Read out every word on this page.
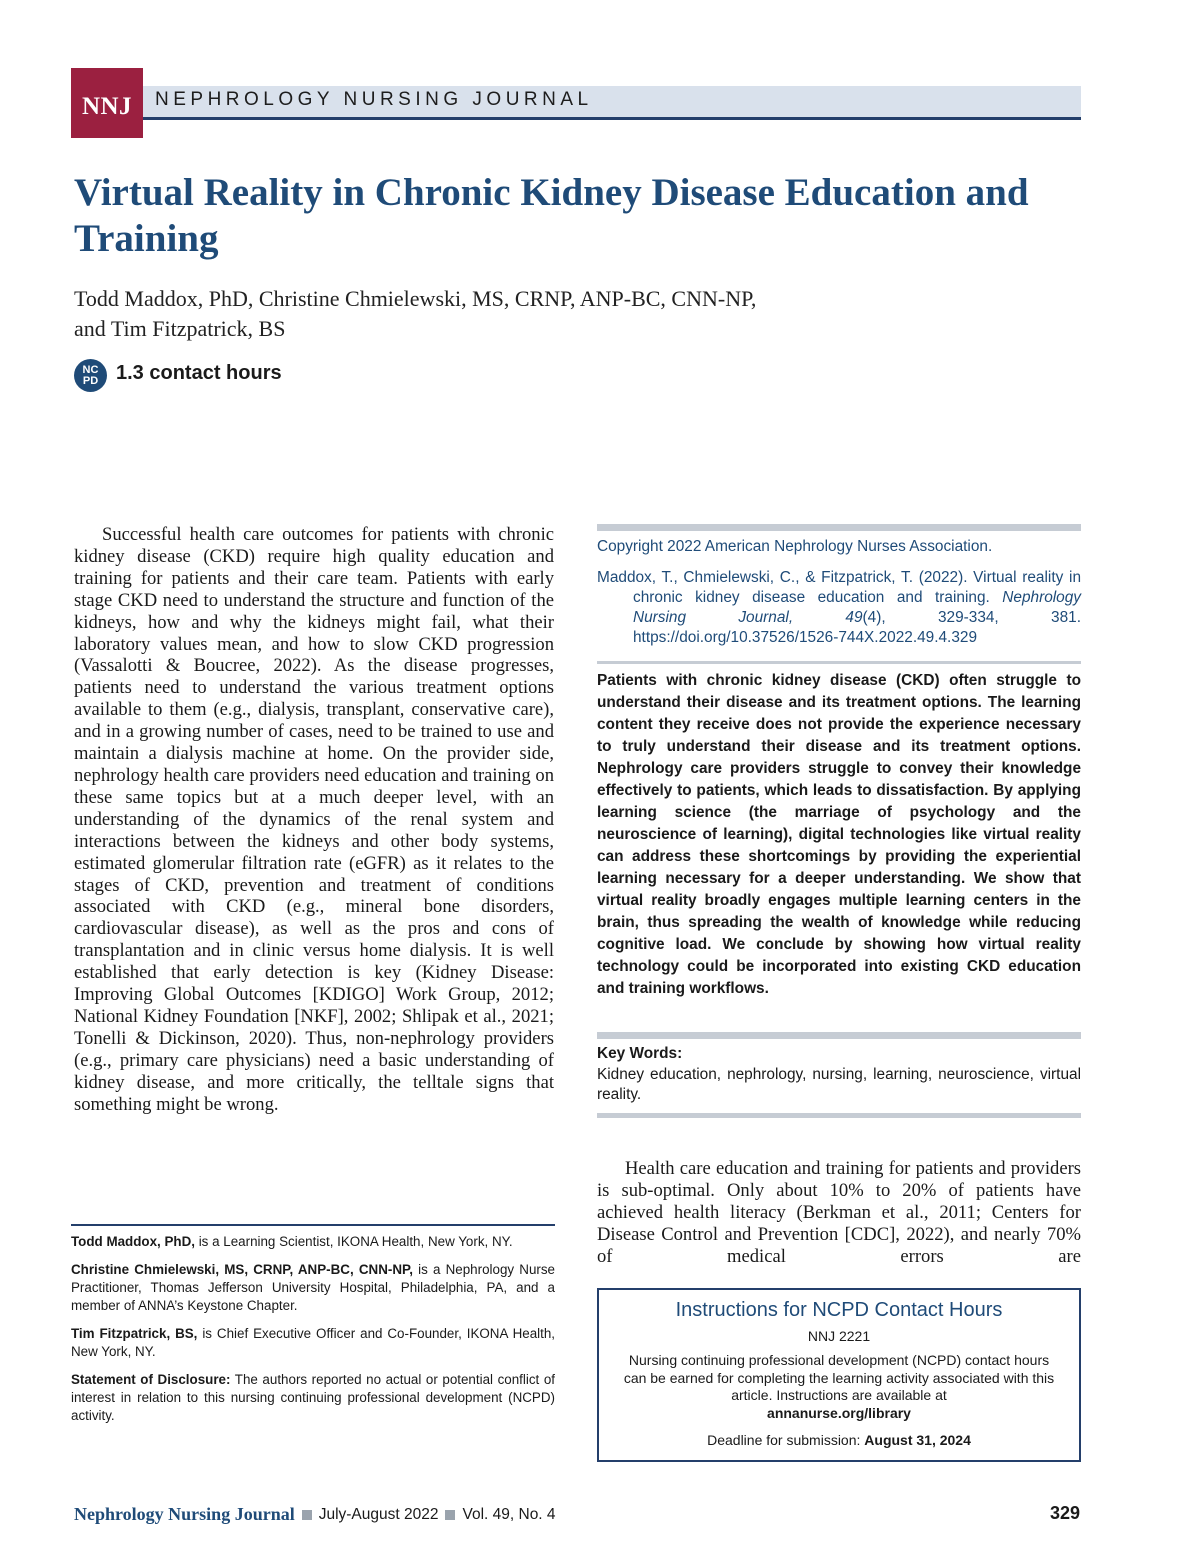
NNJ	NEPHROLOGY NURSING JOURNAL
Virtual Reality in Chronic Kidney Disease Education and Training
Todd Maddox, PhD, Christine Chmielewski, MS, CRNP, ANP-BC, CNN-NP,
and Tim Fitzpatrick, BS
NC
PD 1.3 contact hours

Successful health care outcomes for patients with chronic kidney disease (CKD) require high quality education and training for patients and their care team. Patients with early stage CKD need to understand the structure and function of the kidneys, how and why the kidneys might fail, what their laboratory values mean, and how to slow CKD progression (Vassalotti & Boucree, 2022). As the disease progresses, patients need to understand the various treatment options available to them (e.g., dialysis, transplant, conservative care), and in a growing number of cases, need to be trained to use and maintain a dialysis machine at home. On the provider side, nephrology health care providers need education and training on these same topics but at a much deeper level, with an understanding of the dynamics of the renal system and interactions between the kidneys and other body systems, estimated glomerular filtration rate (eGFR) as it relates to the stages of CKD, prevention and treatment of conditions associated with CKD (e.g., mineral bone disorders, cardiovascular disease), as well as the pros and cons of transplantation and in clinic versus home dialysis. It is well established that early detection is key (Kidney Disease: Improving Global Outcomes [KDIGO] Work Group, 2012; National Kidney Foundation [NKF], 2002; Shlipak et al., 2021; Tonelli & Dickinson, 2020). Thus, non-nephrology providers (e.g., primary care physicians) need a basic understanding of kidney disease, and more critically, the telltale signs that something might be wrong.

Todd Maddox, PhD, is a Learning Scientist, IKONA Health, New York, NY.

Christine Chmielewski, MS, CRNP, ANP-BC, CNN-NP, is a Nephrology Nurse Practitioner, Thomas Jefferson University Hospital, Philadelphia, PA, and a member of ANNA’s Keystone Chapter.

Tim Fitzpatrick, BS, is Chief Executive Officer and Co-Founder, IKONA Health, New York, NY.

Statement of Disclosure: The authors reported no actual or potential conflict of interest in relation to this nursing continuing professional development (NCPD) activity.

Copyright 2022 American Nephrology Nurses Association.
Maddox, T., Chmielewski, C., & Fitzpatrick, T. (2022). Virtual reality in chronic kidney disease education and training. Nephrology Nursing Journal, 49(4), 329-334, 381. https://doi.org/10.37526/1526-744X.2022.49.4.329

Patients with chronic kidney disease (CKD) often struggle to understand their disease and its treatment options. The learning content they receive does not provide the experience necessary to truly understand their disease and its treatment options. Nephrology care providers struggle to convey their knowledge effectively to patients, which leads to dissatisfaction. By applying learning science (the marriage of psychology and the neuroscience of learning), digital technologies like virtual reality can address these shortcomings by providing the experiential learning necessary for a deeper understanding. We show that virtual reality broadly engages multiple learning centers in the brain, thus spreading the wealth of knowledge while reducing cognitive load. We conclude by showing how virtual reality technology could be incorporated into existing CKD education and training workflows.

Key Words:
Kidney education, nephrology, nursing, learning, neuroscience, virtual reality.

Health care education and training for patients and providers is sub-optimal. Only about 10% to 20% of patients have achieved health literacy (Berkman et al., 2011; Centers for Disease Control and Prevention [CDC], 2022), and nearly 70% of medical errors are

Instructions for NCPD Contact Hours
NNJ 2221
Nursing continuing professional development (NCPD) contact hours can be earned for completing the learning activity associated with this article. Instructions are available at
annanurse.org/library
Deadline for submission: August 31, 2024
Nephrology Nursing Journal July-August 2022 Vol. 49, No. 4	329
